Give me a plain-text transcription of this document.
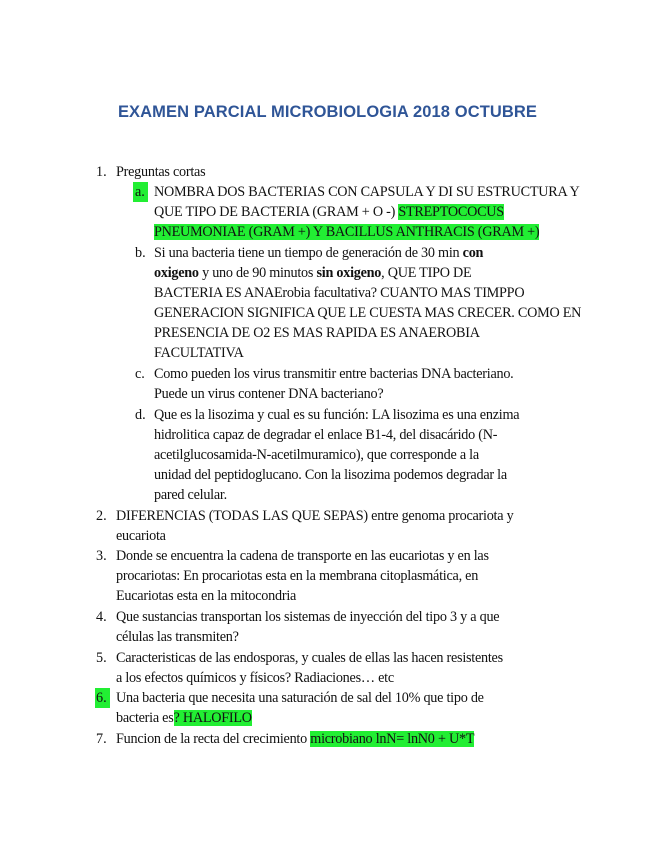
EXAMEN PARCIAL MICROBIOLOGIA 2018 OCTUBRE
1. Preguntas cortas
a. NOMBRA DOS BACTERIAS CON CAPSULA Y DI SU ESTRUCTURA Y
QUE TIPO DE BACTERIA (GRAM + O -) STREPTOCOCUS
PNEUMONIAE (GRAM +) Y BACILLUS ANTHRACIS (GRAM +)
b. Si una bacteria tiene un tiempo de generación de 30 min con
oxigeno y uno de 90 minutos sin oxigeno, QUE TIPO DE
BACTERIA ES ANAErobia facultativa? CUANTO MAS TIMPPO
GENERACION SIGNIFICA QUE LE CUESTA MAS CRECER. COMO EN
PRESENCIA DE O2 ES MAS RAPIDA ES ANAEROBIA
FACULTATIVA
c. Como pueden los virus transmitir entre bacterias DNA bacteriano.
Puede un virus contener DNA bacteriano?
d. Que es la lisozima y cual es su función: LA lisozima es una enzima
hidrolitica capaz de degradar el enlace B1-4, del disacárido (N-
acetilglucosamida-N-acetilmuramico), que corresponde a la
unidad del peptidoglucano. Con la lisozima podemos degradar la
pared celular.
2. DIFERENCIAS (TODAS LAS QUE SEPAS) entre genoma procariota y
eucariota
3. Donde se encuentra la cadena de transporte en las eucariotas y en las
procariotas: En procariotas esta en la membrana citoplasmática, en
Eucariotas esta en la mitocondria
4. Que sustancias transportan los sistemas de inyección del tipo 3 y a que
células las transmiten?
5. Caracteristicas de las endosporas, y cuales de ellas las hacen resistentes
a los efectos químicos y físicos? Radiaciones… etc
6. Una bacteria que necesita una saturación de sal del 10% que tipo de
bacteria es? HALOFILO
7. Funcion de la recta del crecimiento microbiano lnN= lnN0 + U*T
